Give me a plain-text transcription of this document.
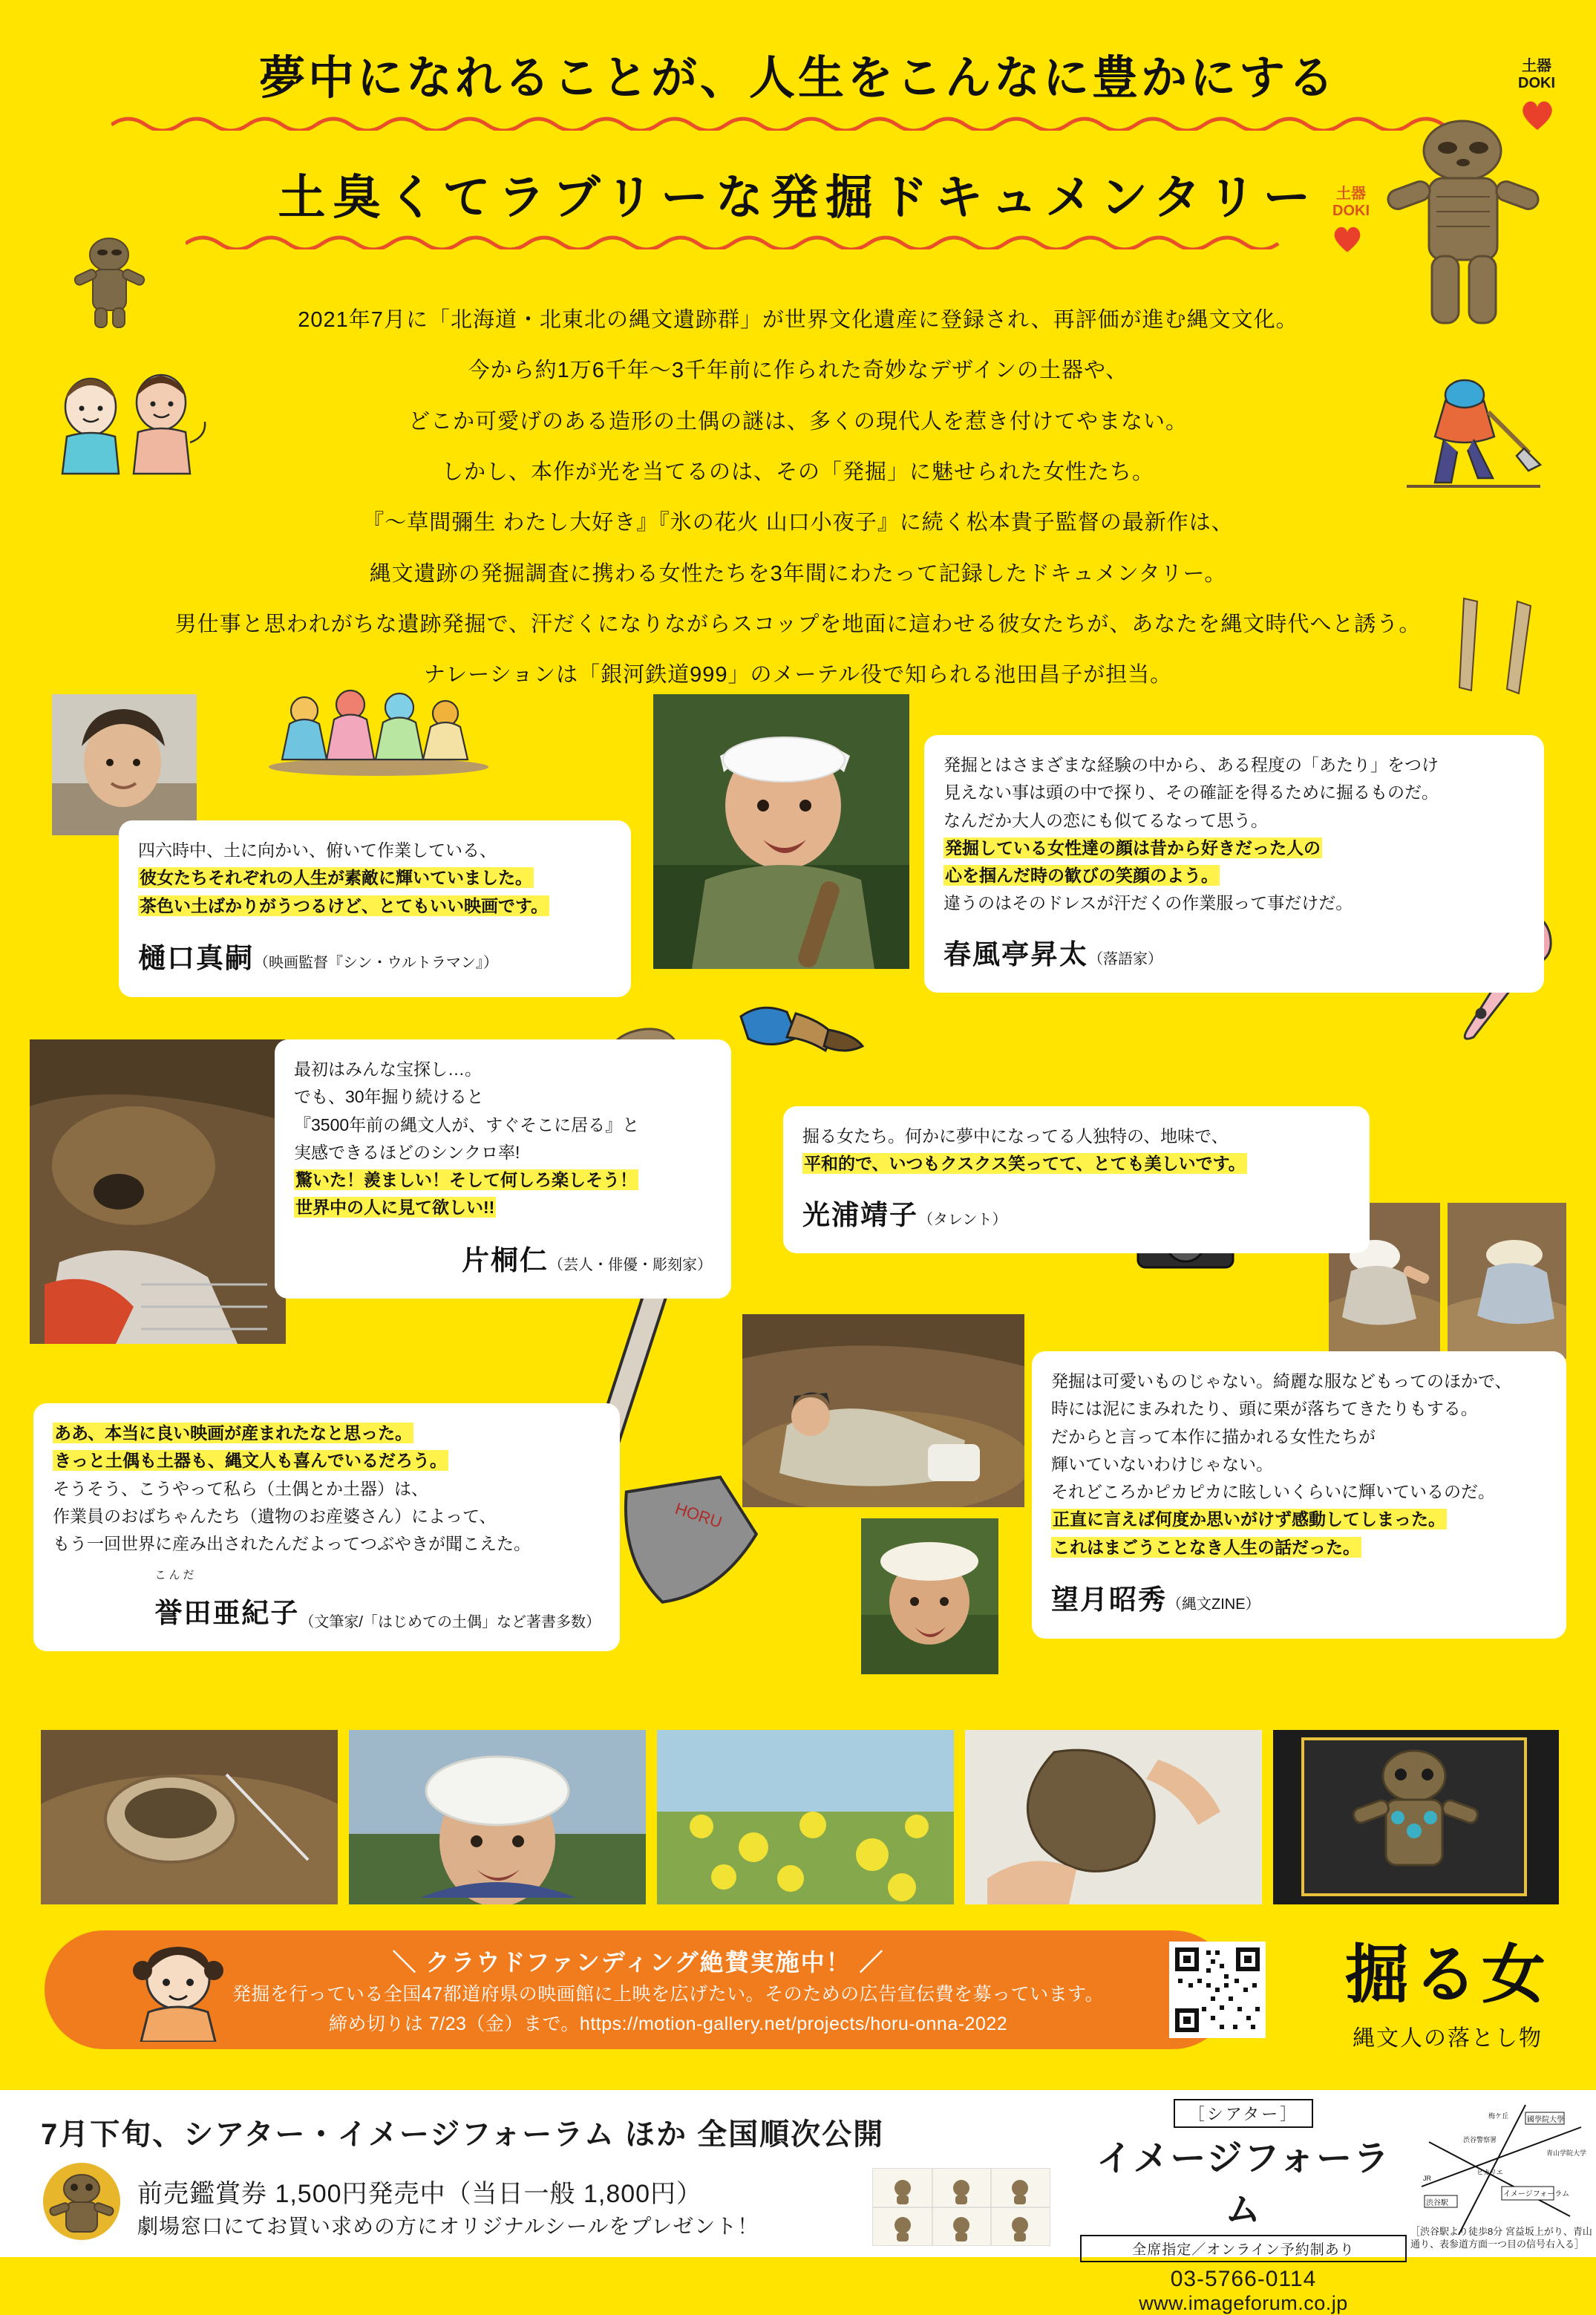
夢中になれることが、人生をこんなに豊かにする
土臭くてラブリーな発掘ドキュメンタリー
土器
DOKI
土器
DOKI

2021年7月に「北海道・北東北の縄文遺跡群」が世界文化遺産に登録され、再評価が進む縄文文化。

今から約1万6千年〜3千年前に作られた奇妙なデザインの土器や、

どこか可愛げのある造形の土偶の謎は、多くの現代人を惹き付けてやまない。

しかし、本作が光を当てるのは、その「発掘」に魅せられた女性たち。

『〜草間彌生 わたし大好き』『氷の花火 山口小夜子』に続く松本貴子監督の最新作は、

縄文遺跡の発掘調査に携わる女性たちを3年間にわたって記録したドキュメンタリー。

男仕事と思われがちな遺跡発掘で、汗だくになりながらスコップを地面に這わせる彼女たちが、あなたを縄文時代へと誘う。

ナレーションは「銀河鉄道999」のメーテル役で知られる池田昌子が担当。

HORU
四六時中、土に向かい、俯いて作業している、
彼女たちそれぞれの人生が素敵に輝いていました。
茶色い土ばかりがうつるけど、とてもいい映画です。
樋口真嗣（映画監督『シン・ウルトラマン』）
発掘とはさまざまな経験の中から、ある程度の「あたり」をつけ
見えない事は頭の中で探り、その確証を得るために掘るものだ。
なんだか大人の恋にも似てるなって思う。
発掘している女性達の顔は昔から好きだった人の
心を掴んだ時の歓びの笑顔のよう。
違うのはそのドレスが汗だくの作業服って事だけだ。
春風亭昇太（落語家）
最初はみんな宝探し…。
でも、30年掘り続けると
『3500年前の縄文人が、すぐそこに居る』と
実感できるほどのシンクロ率!
驚いた！羨ましい！そして何しろ楽しそう！
世界中の人に見て欲しい!!
片桐仁（芸人・俳優・彫刻家）
掘る女たち。何かに夢中になってる人独特の、地味で、
平和的で、いつもクスクス笑ってて、とても美しいです。
光浦靖子（タレント）
ああ、本当に良い映画が産まれたなと思った。
きっと土偶も土器も、縄文人も喜んでいるだろう。
そうそう、こうやって私ら（土偶とか土器）は、
作業員のおばちゃんたち（遺物のお産婆さん）によって、
もう一回世界に産み出されたんだよってつぶやきが聞こえた。
こんだ
誉田亜紀子（文筆家/「はじめての土偶」など著書多数）
発掘は可愛いものじゃない。綺麗な服などもってのほかで、
時には泥にまみれたり、頭に栗が落ちてきたりもする。
だからと言って本作に描かれる女性たちが
輝いていないわけじゃない。
それどころかピカピカに眩しいくらいに輝いているのだ。
正直に言えば何度か思いがけず感動してしまった。
これはまごうことなき人生の話だった。
望月昭秀（縄文ZINE）
＼ クラウドファンディング絶賛実施中！ ／
発掘を行っている全国47都道府県の映画館に上映を広げたい。そのための広告宣伝費を募っています。
締め切りは 7/23（金）まで。https://motion-gallery.net/projects/horu-onna-2022
掘る女
縄文人の落とし物
7月下旬、シアター・イメージフォーラム ほか 全国順次公開
前売鑑賞券 1,500円発売中（当日一般 1,800円）
劇場窓口にてお買い求めの方にオリジナルシールをプレゼント！
［シアター］
イメージフォーラム
全席指定／オンライン予約制あり
03-5766-0114
www.imageforum.co.jp
國學院大學
渋谷駅
イメージフォーラム
渋谷警察署
梅ケ丘
ヒカリエ
青山学院大学
JR
［渋谷駅より徒歩8分 宮益坂上がり、青山通り、表参道方面一つ目の信号右入る］
